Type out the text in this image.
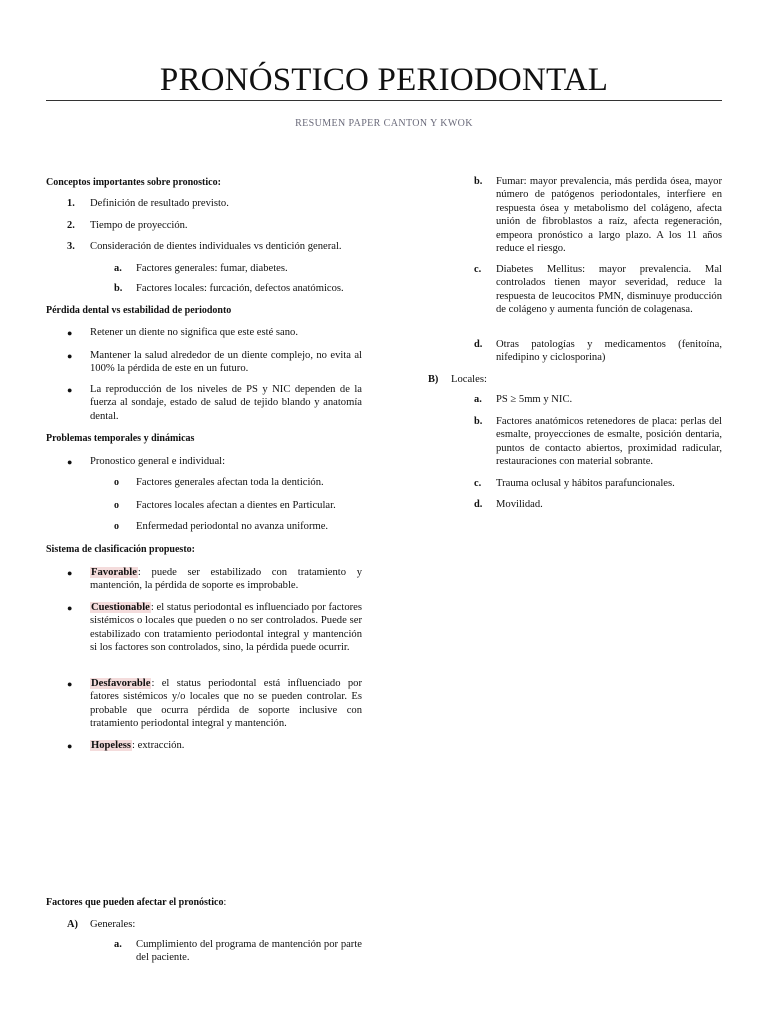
PRONÓSTICO PERIODONTAL
RESUMEN PAPER CANTON Y KWOK
Conceptos importantes sobre pronostico:
1. Definición de resultado previsto.
2. Tiempo de proyección.
3. Consideración de dientes individuales vs dentición general.
a. Factores generales: fumar, diabetes.
b. Factores locales: furcación, defectos anatómicos.
Pérdida dental vs estabilidad de periodonto
● Retener un diente no significa que este esté sano.
● Mantener la salud alrededor de un diente complejo, no evita al 100% la pérdida de este en un futuro.
● La reproducción de los niveles de PS y NIC dependen de la fuerza al sondaje, estado de salud de tejido blando y anatomía dental.
Problemas temporales y dinámicas
● Pronostico general e individual:
o Factores generales afectan toda la dentición.
o Factores locales afectan a dientes en Particular.
o Enfermedad periodontal no avanza uniforme.
Sistema de clasificación propuesto:
● Favorable: puede ser estabilizado con tratamiento y mantención, la pérdida de soporte es improbable.
● Cuestionable: el status periodontal es influenciado por factores sistémicos o locales que pueden o no ser controlados. Puede ser estabilizado con tratamiento periodontal integral y mantención si los factores son controlados, sino, la pérdida puede ocurrir.
● Desfavorable: el status periodontal está influenciado por fatores sistémicos y/o locales que no se pueden controlar. Es probable que ocurra pérdida de soporte inclusive con tratamiento periodontal integral y mantención.
● Hopeless: extracción.
Factores que pueden afectar el pronóstico:
A) Generales:
a. Cumplimiento del programa de mantención por parte del paciente.
b. Fumar: mayor prevalencia, más perdida ósea, mayor número de patógenos periodontales, interfiere en respuesta ósea y metabolismo del colágeno, afecta unión de fibroblastos a raíz, afecta regeneración, empeora pronóstico a largo plazo. A los 11 años reduce el riesgo.
c. Diabetes Mellitus: mayor prevalencia. Mal controlados tienen mayor severidad, reduce la respuesta de leucocitos PMN, disminuye producción de colágeno y aumenta función de colagenasa.
d. Otras patologías y medicamentos (fenitoína, nifedipino y ciclosporina)
B) Locales:
a. PS ≥ 5mm y NIC.
b. Factores anatómicos retenedores de placa: perlas del esmalte, proyecciones de esmalte, posición dentaria, puntos de contacto abiertos, proximidad radicular, restauraciones con material sobrante.
c. Trauma oclusal y hábitos parafuncionales.
d. Movilidad.
